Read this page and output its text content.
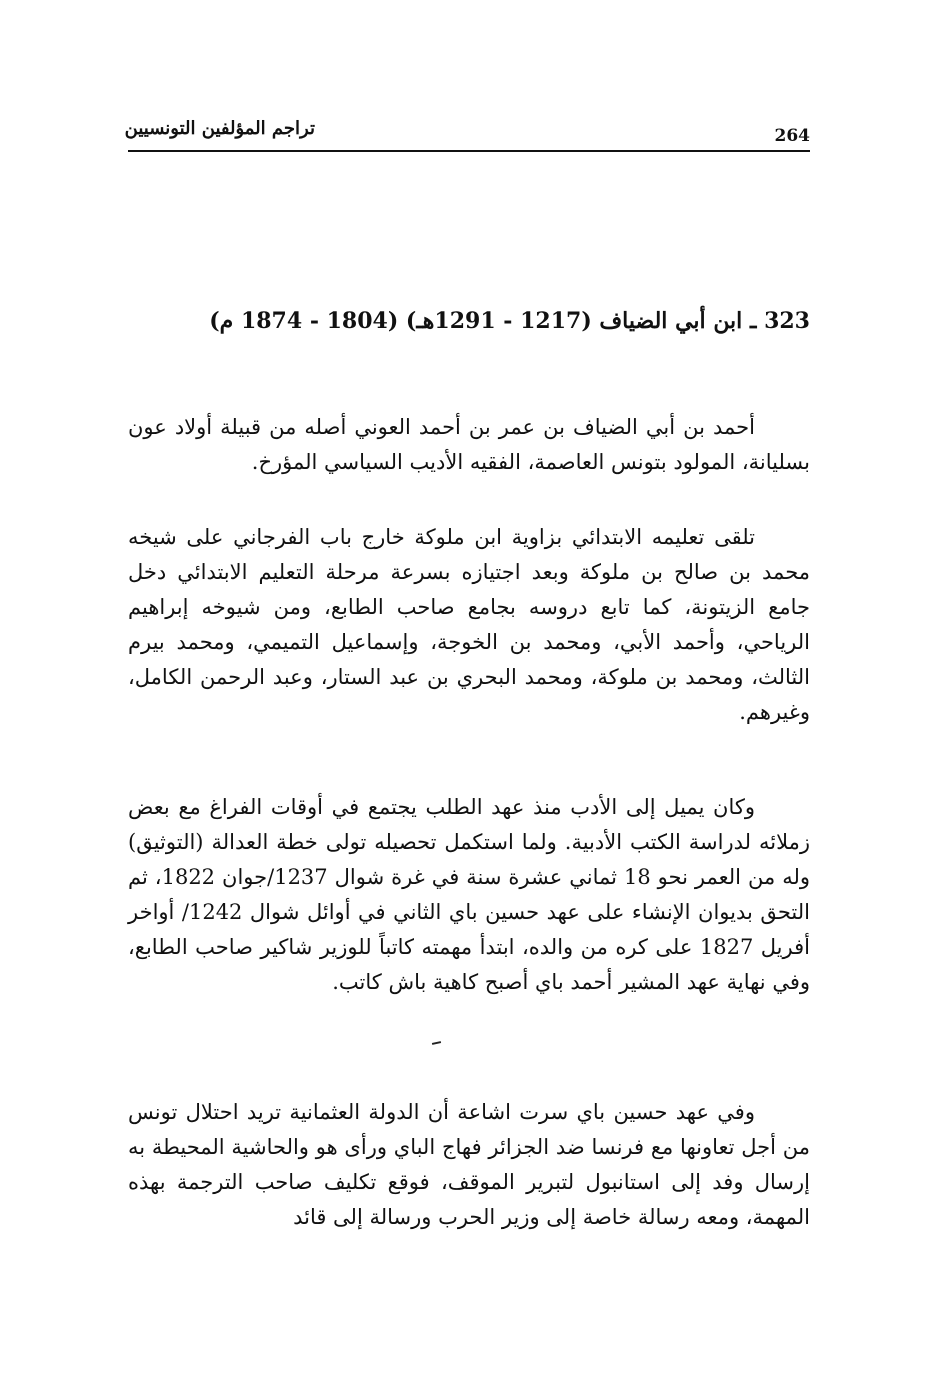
تراجم المؤلفين التونسيين	264
323 ـ ابن أبي الضياف (1217 - 1291هـ) (1804 - 1874 م)

أحمد بن أبي الضياف بن عمر بن أحمد العوني أصله من قبيلة أولاد عون بسليانة، المولود بتونس العاصمة، الفقيه الأديب السياسي المؤرخ.

تلقى تعليمه الابتدائي بزاوية ابن ملوكة خارج باب الفرجاني على شيخه محمد بن صالح بن ملوكة وبعد اجتيازه بسرعة مرحلة التعليم الابتدائي دخل جامع الزيتونة، كما تابع دروسه بجامع صاحب الطابع، ومن شيوخه إبراهيم الرياحي، وأحمد الأبي، ومحمد بن الخوجة، وإسماعيل التميمي، ومحمد بيرم الثالث، ومحمد بن ملوكة، ومحمد البحري بن عبد الستار، وعبد الرحمن الكامل، وغيرهم.

وكان يميل إلى الأدب منذ عهد الطلب يجتمع في أوقات الفراغ مع بعض زملائه لدراسة الكتب الأدبية. ولما استكمل تحصيله تولى خطة العدالة (التوثيق) وله من العمر نحو 18 ثماني عشرة سنة في غرة شوال 1237/جوان 1822، ثم التحق بديوان الإنشاء على عهد حسين باي الثاني في أوائل شوال 1242/ أواخر أفريل 1827 على كره من والده، ابتدأ مهمته كاتباً للوزير شاكير صاحب الطابع، وفي نهاية عهد المشير أحمد باي أصبح كاهية باش كاتب.

وفي عهد حسين باي سرت اشاعة أن الدولة العثمانية تريد احتلال تونس من أجل تعاونها مع فرنسا ضد الجزائر فهاج الباي ورأى هو والحاشية المحيطة به إرسال وفد إلى استانبول لتبرير الموقف، فوقع تكليف صاحب الترجمة بهذه المهمة، ومعه رسالة خاصة إلى وزير الحرب ورسالة إلى قائد
